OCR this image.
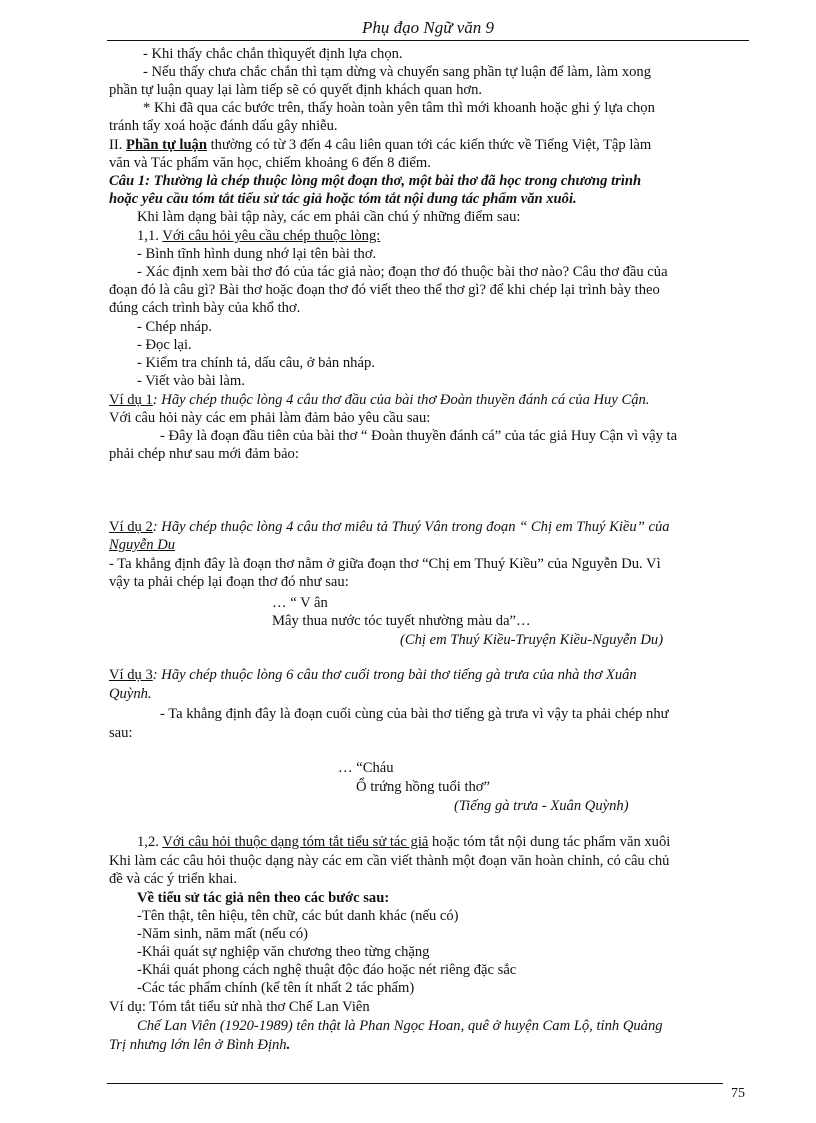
Phụ đạo Ngữ văn 9
- Khi thấy chắc chắn thìquyết định lựa chọn.
- Nếu thấy chưa chắc chắn thì tạm dừng và chuyển sang phần tự luận để làm, làm xong
phần tự luận quay lại làm tiếp sẽ có quyết định khách quan hơn.
* Khi đã qua các bước trên, thấy hoàn toàn yên tâm thì mới khoanh hoặc ghi ý lựa chọn
tránh tẩy xoá hoặc đánh dấu gây nhiễu.
II. Phần tự luận thường có từ 3 đến 4 câu liên quan tới các kiến thức về Tiếng Việt, Tập làm
văn và Tác phẩm văn học, chiếm khoảng 6 đến 8 điểm.
Câu 1: Thường là chép thuộc lòng một đoạn thơ, một bài thơ đã học trong chương trình
hoặc yêu cầu tóm tắt tiểu sử tác giả hoặc tóm tắt nội dung tác phẩm văn xuôi.
Khi làm dạng bài tập này, các em phải cần chú ý những điểm sau:
1,1. Với câu hỏi yêu cầu chép thuộc lòng:
- Bình tĩnh hình dung nhớ lại tên bài thơ.
- Xác định xem bài thơ đó của tác giả nào; đoạn thơ đó thuộc bài thơ nào? Câu thơ đầu của
đoạn đó là câu gì? Bài thơ hoặc đoạn thơ đó viết theo thể thơ gì? để khi chép lại trình bày theo
đúng cách trình bày của khổ thơ.
- Chép nháp.
- Đọc lại.
- Kiểm tra chính tả, dấu câu, ở bản nháp.
- Viết vào bài làm.
Ví dụ 1: Hãy chép thuộc lòng 4 câu thơ đầu của bài thơ Đoàn thuyền đánh cá của Huy Cận.
Với câu hỏi này các em phải làm đảm bảo yêu cầu sau:
- Đây là đoạn đầu tiên của bài thơ “ Đoàn thuyền đánh cá” của tác giả Huy Cận vì vậy ta
phải chép như sau mới đảm bảo:
Ví dụ 2: Hãy chép thuộc lòng 4 câu thơ miêu tả Thuý Vân trong đoạn “ Chị em Thuý Kiều” của
Nguyễn Du
- Ta khẳng định đây là đoạn thơ nằm ở giữa đoạn thơ “Chị em Thuý Kiều” của Nguyễn Du. Vì
vậy ta phải chép lại đoạn thơ đó như sau:
… “ V ân
Mây thua nước tóc tuyết nhường màu da”…
(Chị em Thuý Kiều-Truyện Kiều-Nguyễn Du)
Ví dụ 3: Hãy chép thuộc lòng 6 câu thơ cuối trong bài thơ tiếng gà trưa của nhà thơ Xuân
Quỳnh.
- Ta khẳng định đây là đoạn cuối cùng của bài thơ tiếng gà trưa vì vậy ta phải chép như
sau:
… “Cháu
Ổ trứng hồng tuổi thơ”
(Tiếng gà trưa - Xuân Quỳnh)
1,2. Với câu hỏi thuộc dạng tóm tắt tiểu sử tác giả hoặc tóm tắt nội dung tác phẩm văn xuôi
Khi làm các câu hỏi thuộc dạng này các em cần viết thành một đoạn văn hoàn chỉnh, có câu chủ
đề và các ý triển khai.
Về tiểu sử tác giả nên theo các bước sau:
-Tên thật, tên hiệu, tên chữ, các bút danh khác (nếu có)
-Năm sinh, năm mất (nếu có)
-Khái quát sự nghiệp văn chương theo từng chặng
-Khái quát phong cách nghệ thuật độc đáo hoặc nét riêng đặc sắc
-Các tác phẩm chính (kể tên ít nhất 2 tác phẩm)
Ví dụ: Tóm tắt tiểu sử nhà thơ Chế Lan Viên
Chế Lan Viên (1920-1989) tên thật là Phan Ngọc Hoan, quê ở huyện Cam Lộ, tỉnh Quảng
Trị nhưng lớn lên ở Bình Định.
75
